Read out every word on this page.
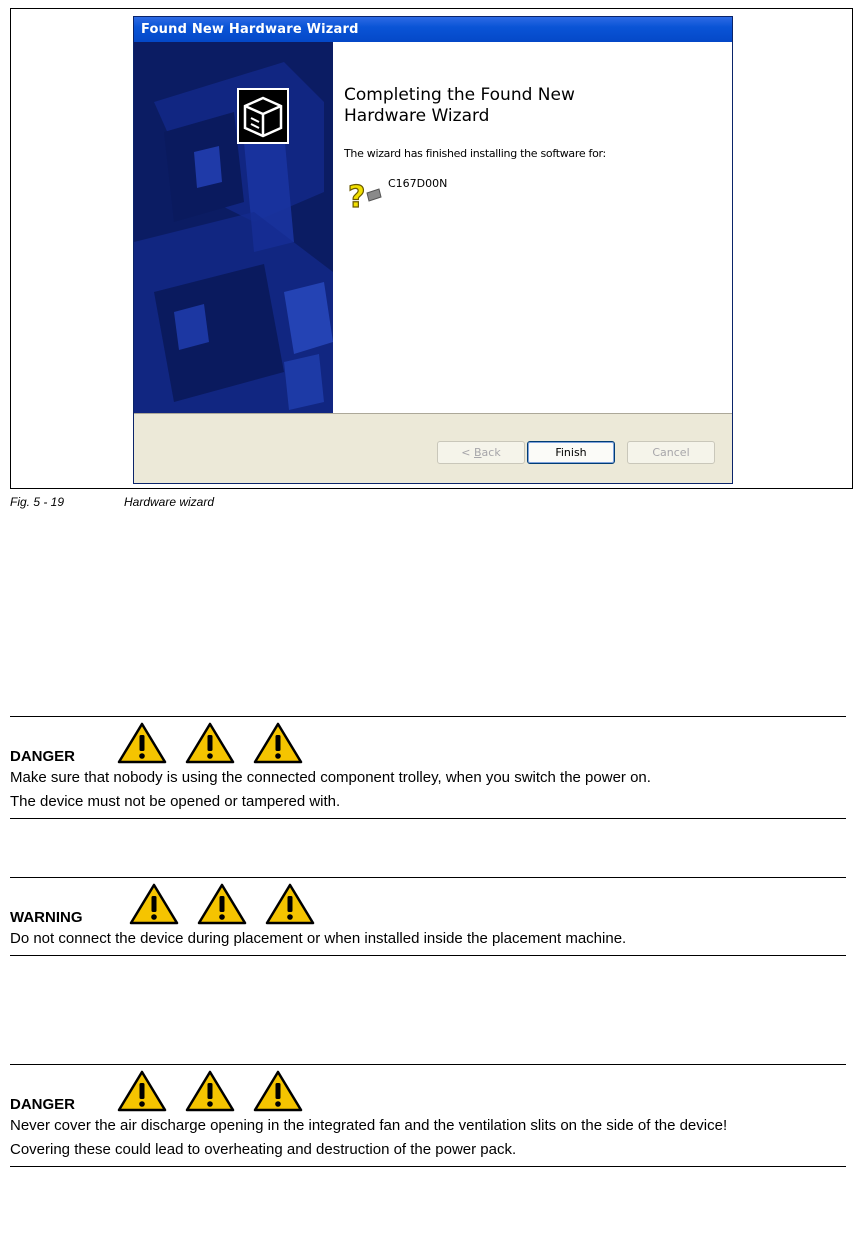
Found New Hardware Wizard
Completing the Found New
Hardware Wizard
The wizard has finished installing the software for:
? C167D00N
< Back	Finish	Cancel
Fig. 5 - 19	Hardware wizard
DANGER
Make sure that nobody is using the connected component trolley, when you switch the power on.
The device must not be opened or tampered with.
WARNING
Do not connect the device during placement or when installed inside the placement machine.
DANGER
Never cover the air discharge opening in the integrated fan and the ventilation slits on the side of the device!
Covering these could lead to overheating and destruction of the power pack.
